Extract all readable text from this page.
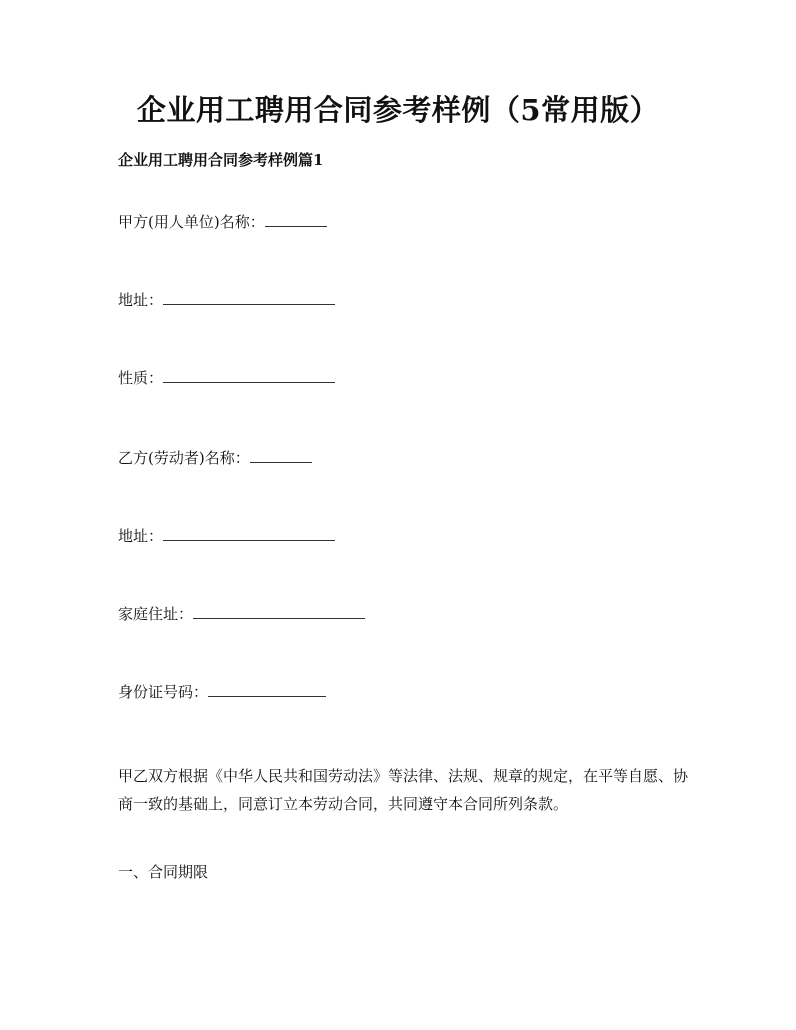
企业用工聘用合同参考样例（5常用版）
企业用工聘用合同参考样例篇1
甲方(用人单位)名称：
地址：
性质：
乙方(劳动者)名称：
地址：
家庭住址：
身份证号码：
甲乙双方根据《中华人民共和国劳动法》等法律、法规、规章的规定，在平等自愿、协商一致的基础上，同意订立本劳动合同，共同遵守本合同所列条款。
一、合同期限
